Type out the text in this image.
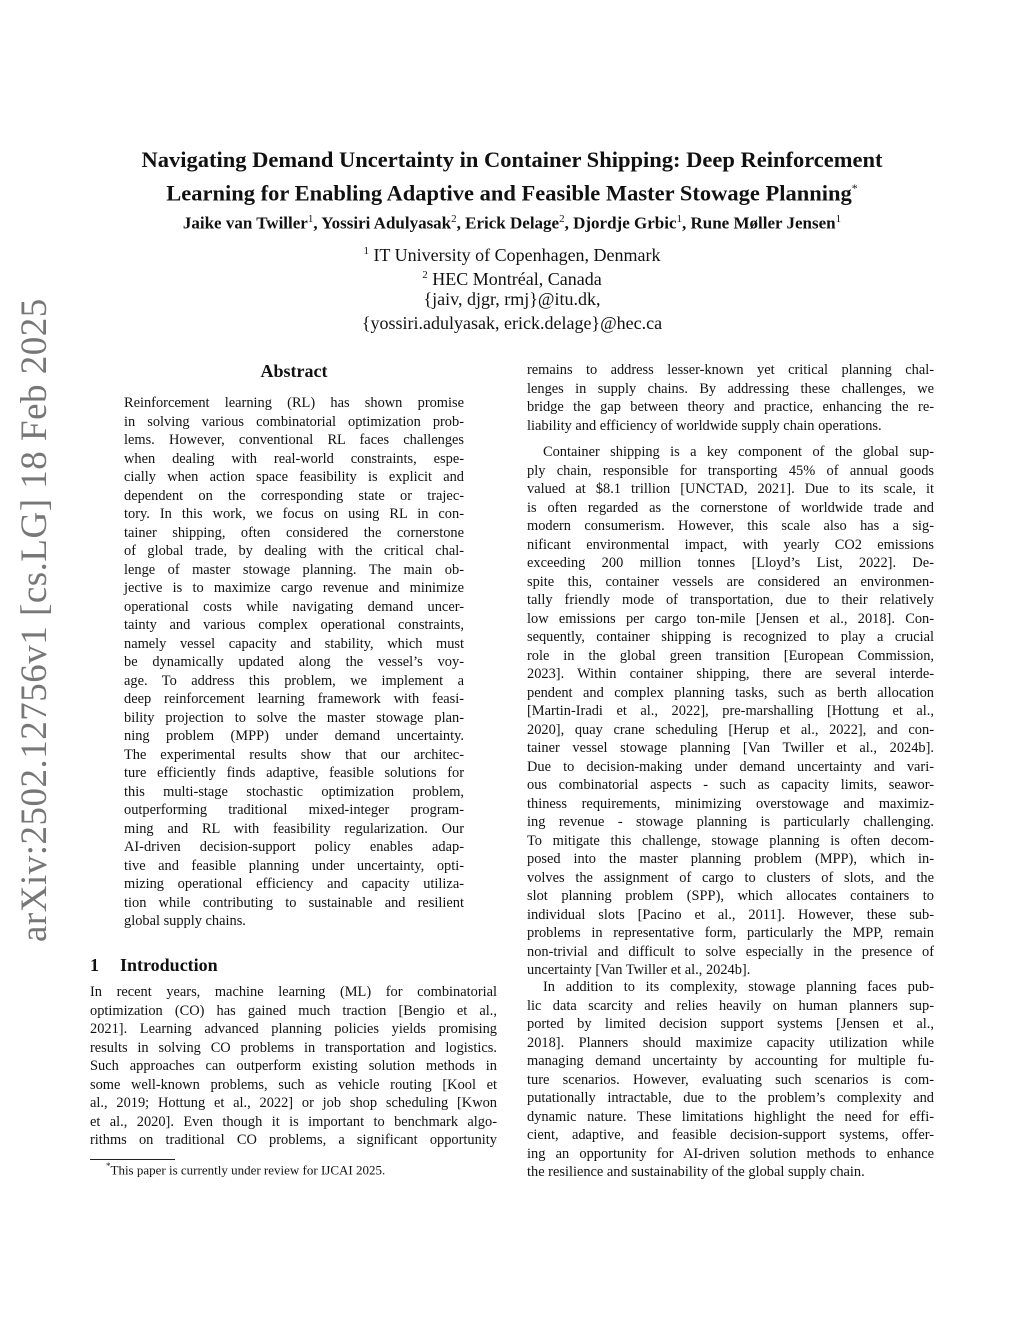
arXiv:2502.12756v1 [cs.LG] 18 Feb 2025
Navigating Demand Uncertainty in Container Shipping: Deep Reinforcement
Learning for Enabling Adaptive and Feasible Master Stowage Planning*
Jaike van Twiller$^1$, Yossiri Adulyasak$^2$, Erick Delage$^2$, Djordje Grbic$^1$, Rune Møller Jensen$^1$
$^1$ IT University of Copenhagen, Denmark
$^2$ HEC Montréal, Canada
{jaiv, djgr, rmj}@itu.dk,
{yossiri.adulyasak, erick.delage}@hec.ca
Abstract
Reinforcement learning (RL) has shown promise
in solving various combinatorial optimization prob-
lems. However, conventional RL faces challenges
when dealing with real-world constraints, espe-
cially when action space feasibility is explicit and
dependent on the corresponding state or trajec-
tory. In this work, we focus on using RL in con-
tainer shipping, often considered the cornerstone
of global trade, by dealing with the critical chal-
lenge of master stowage planning. The main ob-
jective is to maximize cargo revenue and minimize
operational costs while navigating demand uncer-
tainty and various complex operational constraints,
namely vessel capacity and stability, which must
be dynamically updated along the vessel’s voy-
age. To address this problem, we implement a
deep reinforcement learning framework with feasi-
bility projection to solve the master stowage plan-
ning problem (MPP) under demand uncertainty.
The experimental results show that our architec-
ture efficiently finds adaptive, feasible solutions for
this multi-stage stochastic optimization problem,
outperforming traditional mixed-integer program-
ming and RL with feasibility regularization. Our
AI-driven decision-support policy enables adap-
tive and feasible planning under uncertainty, opti-
mizing operational efficiency and capacity utiliza-
tion while contributing to sustainable and resilient
global supply chains.
1 Introduction
In recent years, machine learning (ML) for combinatorial
optimization (CO) has gained much traction [Bengio et al.,
2021]. Learning advanced planning policies yields promising
results in solving CO problems in transportation and logistics.
Such approaches can outperform existing solution methods in
some well-known problems, such as vehicle routing [Kool et
al., 2019; Hottung et al., 2022] or job shop scheduling [Kwon
et al., 2020]. Even though it is important to benchmark algo-
rithms on traditional CO problems, a significant opportunity
*This paper is currently under review for IJCAI 2025.
remains to address lesser-known yet critical planning chal-
lenges in supply chains. By addressing these challenges, we
bridge the gap between theory and practice, enhancing the re-
liability and efficiency of worldwide supply chain operations.
Container shipping is a key component of the global sup-
ply chain, responsible for transporting 45% of annual goods
valued at $8.1 trillion [UNCTAD, 2021]. Due to its scale, it
is often regarded as the cornerstone of worldwide trade and
modern consumerism. However, this scale also has a sig-
nificant environmental impact, with yearly CO2 emissions
exceeding 200 million tonnes [Lloyd’s List, 2022]. De-
spite this, container vessels are considered an environmen-
tally friendly mode of transportation, due to their relatively
low emissions per cargo ton-mile [Jensen et al., 2018]. Con-
sequently, container shipping is recognized to play a crucial
role in the global green transition [European Commission,
2023]. Within container shipping, there are several interde-
pendent and complex planning tasks, such as berth allocation
[Martin-Iradi et al., 2022], pre-marshalling [Hottung et al.,
2020], quay crane scheduling [Herup et al., 2022], and con-
tainer vessel stowage planning [Van Twiller et al., 2024b].
Due to decision-making under demand uncertainty and vari-
ous combinatorial aspects - such as capacity limits, seawor-
thiness requirements, minimizing overstowage and maximiz-
ing revenue - stowage planning is particularly challenging.
To mitigate this challenge, stowage planning is often decom-
posed into the master planning problem (MPP), which in-
volves the assignment of cargo to clusters of slots, and the
slot planning problem (SPP), which allocates containers to
individual slots [Pacino et al., 2011]. However, these sub-
problems in representative form, particularly the MPP, remain
non-trivial and difficult to solve especially in the presence of
uncertainty [Van Twiller et al., 2024b].
In addition to its complexity, stowage planning faces pub-
lic data scarcity and relies heavily on human planners sup-
ported by limited decision support systems [Jensen et al.,
2018]. Planners should maximize capacity utilization while
managing demand uncertainty by accounting for multiple fu-
ture scenarios. However, evaluating such scenarios is com-
putationally intractable, due to the problem’s complexity and
dynamic nature. These limitations highlight the need for effi-
cient, adaptive, and feasible decision-support systems, offer-
ing an opportunity for AI-driven solution methods to enhance
the resilience and sustainability of the global supply chain.
